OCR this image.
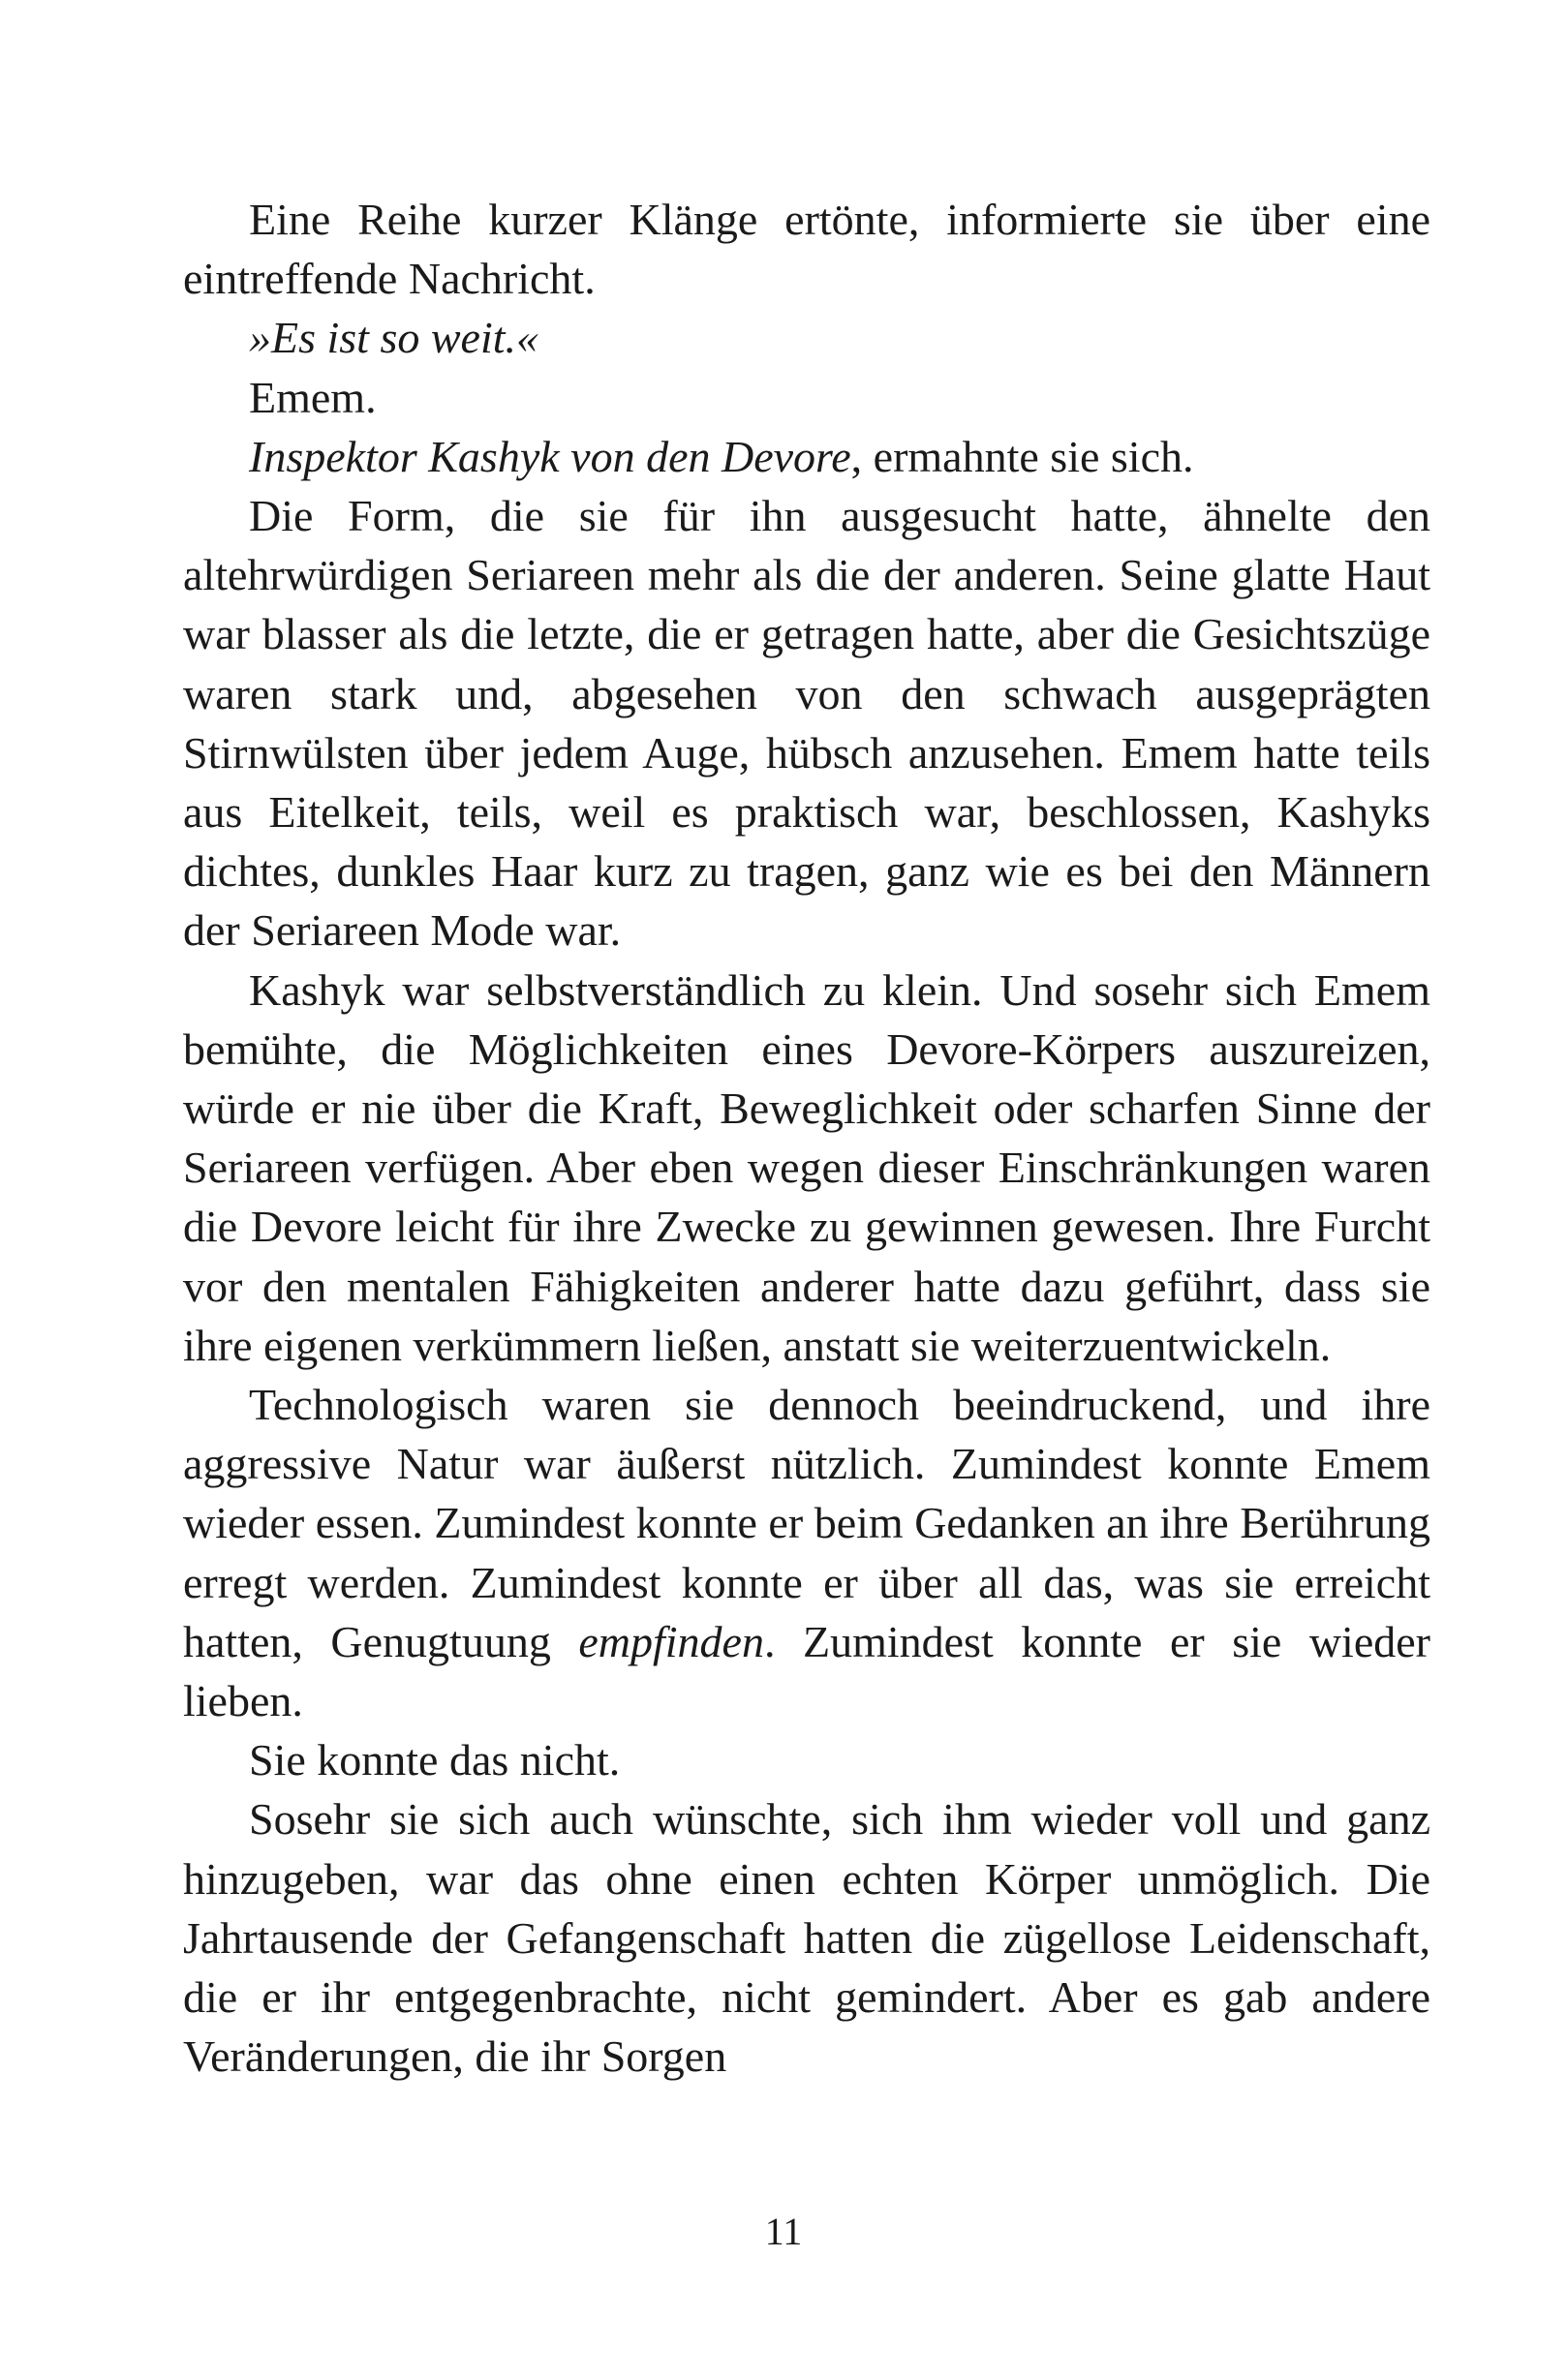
Eine Reihe kurzer Klänge ertönte, informierte sie über eine eintreffende Nachricht.

»Es ist so weit.«

Emem.

Inspektor Kashyk von den Devore, ermahnte sie sich.

Die Form, die sie für ihn ausgesucht hatte, ähnelte den altehrwürdigen Seriareen mehr als die der anderen. Seine glatte Haut war blasser als die letzte, die er getragen hatte, aber die Gesichtszüge waren stark und, abgesehen von den schwach ausgeprägten Stirnwülsten über jedem Auge, hübsch anzusehen. Emem hatte teils aus Eitelkeit, teils, weil es praktisch war, beschlossen, Kashyks dichtes, dunkles Haar kurz zu tragen, ganz wie es bei den Männern der Seriareen Mode war.

Kashyk war selbstverständlich zu klein. Und sosehr sich Emem bemühte, die Möglichkeiten eines Devore-Körpers auszureizen, würde er nie über die Kraft, Beweglichkeit oder scharfen Sinne der Seriareen verfügen. Aber eben wegen dieser Einschränkungen waren die Devore leicht für ihre Zwecke zu gewinnen gewesen. Ihre Furcht vor den mentalen Fähigkeiten anderer hatte dazu geführt, dass sie ihre eigenen verkümmern ließen, anstatt sie weiterzuentwickeln.

Technologisch waren sie dennoch beeindruckend, und ihre aggressive Natur war äußerst nützlich. Zumindest konnte Emem wieder essen. Zumindest konnte er beim Gedanken an ihre Berührung erregt werden. Zumindest konnte er über all das, was sie erreicht hatten, Genugtuung empfinden. Zumindest konnte er sie wieder lieben.

Sie konnte das nicht.

Sosehr sie sich auch wünschte, sich ihm wieder voll und ganz hinzugeben, war das ohne einen echten Körper unmöglich. Die Jahrtausende der Gefangenschaft hatten die zügellose Leidenschaft, die er ihr entgegenbrachte, nicht gemindert. Aber es gab andere Veränderungen, die ihr Sorgen

11
